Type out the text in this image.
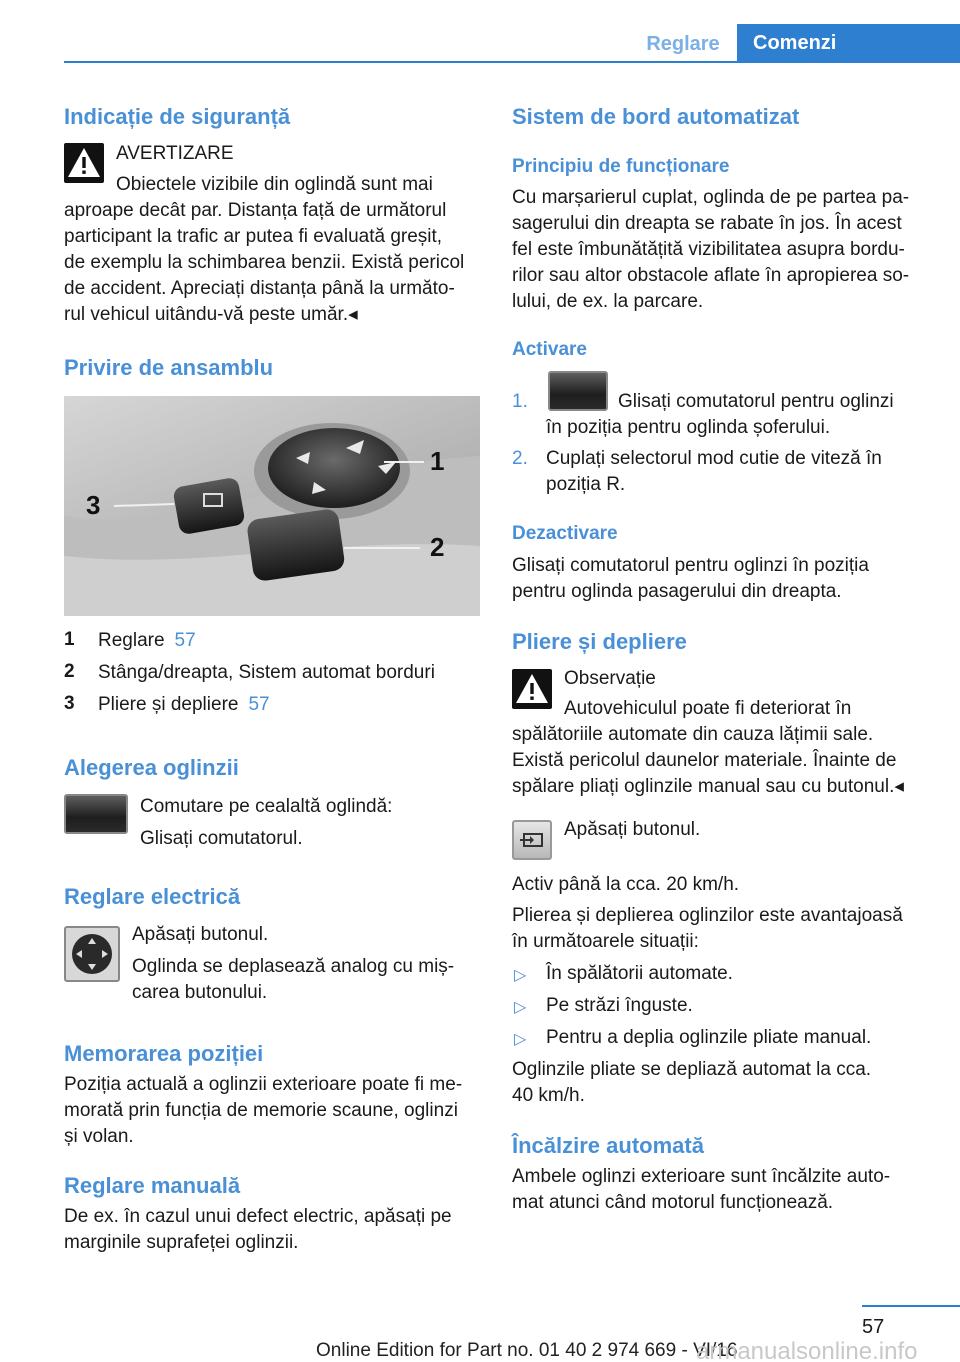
Reglare	Comenzi
Indicație de siguranță
AVERTIZARE
Obiectele vizibile din oglindă sunt mai
aproape decât par. Distanța față de următorul
participant la trafic ar putea fi evaluată greșit,
de exemplu la schimbarea benzii. Există pericol
de accident. Apreciați distanța până la următo-
rul vehicul uitându-vă peste umăr.◂
Privire de ansamblu
1
2
3
1 Reglare 57
2 Stânga/dreapta, Sistem automat borduri
3 Pliere și depliere 57
Alegerea oglinzii
Comutare pe cealaltă oglindă:
Glisați comutatorul.
Reglare electrică
Apăsați butonul.
Oglinda se deplasează analog cu miș-
carea butonului.
Memorarea poziției
Poziția actuală a oglinzii exterioare poate fi me-
morată prin funcția de memorie scaune, oglinzi
și volan.
Reglare manuală
De ex. în cazul unui defect electric, apăsați pe
marginile suprafeței oglinzii.
Sistem de bord automatizat
Principiu de funcționare
Cu marșarierul cuplat, oglinda de pe partea pa-
sagerului din dreapta se rabate în jos. În acest
fel este îmbunătățită vizibilitatea asupra bordu-
rilor sau altor obstacole aflate în apropierea so-
lului, de ex. la parcare.
Activare
1.	Glisați comutatorul pentru oglinzi
în poziția pentru oglinda șoferului.
2. Cuplați selectorul mod cutie de viteză în
poziția R.
Dezactivare
Glisați comutatorul pentru oglinzi în poziția
pentru oglinda pasagerului din dreapta.
Pliere și depliere
Observație
Autovehiculul poate fi deteriorat în
spălătoriile automate din cauza lățimii sale.
Există pericolul daunelor materiale. Înainte de
spălare pliați oglinzile manual sau cu butonul.◂
Apăsați butonul.
Activ până la cca. 20 km/h.
Plierea și deplierea oglinzilor este avantajoasă
în următoarele situații:
▷ În spălătorii automate.
▷ Pe străzi înguste.
▷ Pentru a deplia oglinzile pliate manual.
Oglinzile pliate se depliază automat la cca.
40 km/h.
Încălzire automată
Ambele oglinzi exterioare sunt încălzite auto-
mat atunci când motorul funcționează.
57
Online Edition for Part no. 01 40 2 974 669 - VI/16
armanualsonline.info
